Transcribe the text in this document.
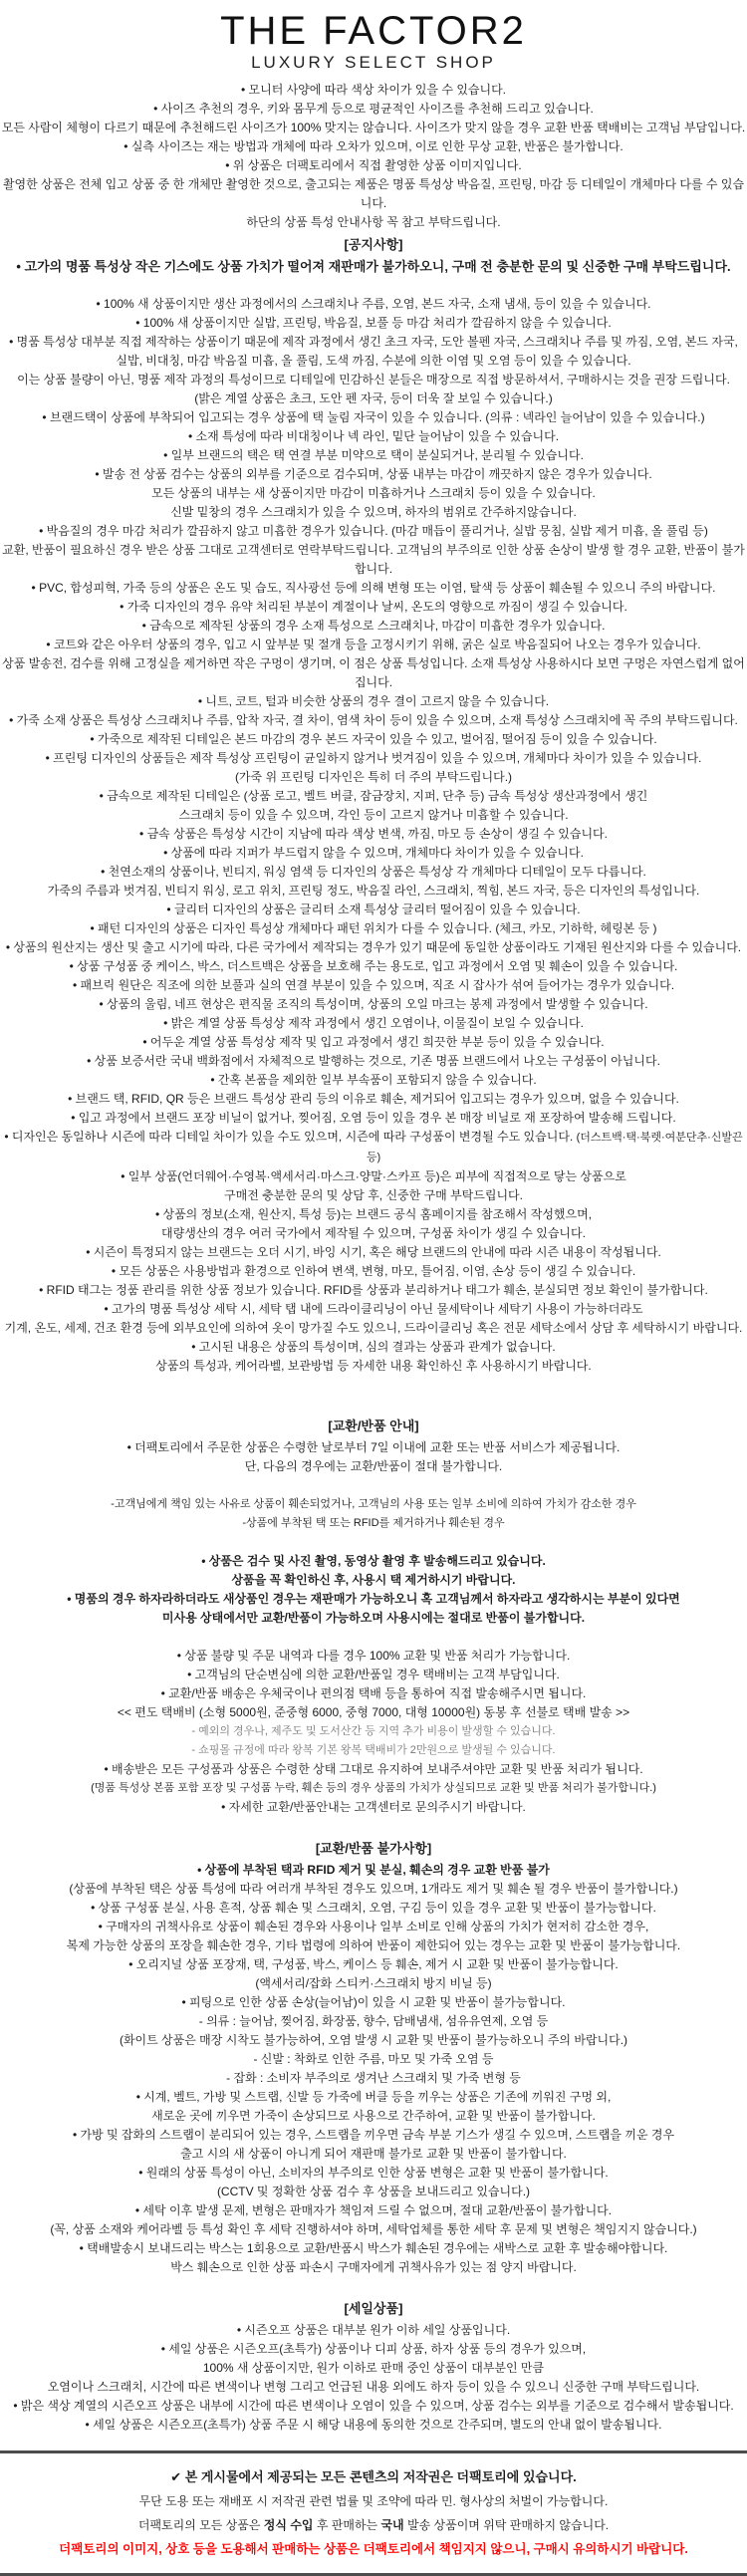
THE FACTOR2
LUXURY SELECT SHOP
• 모니터 사양에 따라 색상 차이가 있을 수 있습니다.
• 사이즈 추천의 경우, 키와 몸무게 등으로 평균적인 사이즈를 추천해 드리고 있습니다.
모든 사람이 체형이 다르기 때문에 추천해드린 사이즈가 100% 맞지는 않습니다. 사이즈가 맞지 않을 경우 교환 반품 택배비는 고객님 부담입니다.
• 실측 사이즈는 재는 방법과 개체에 따라 오차가 있으며, 이로 인한 무상 교환, 반품은 불가합니다.
• 위 상품은 더팩토리에서 직접 촬영한 상품 이미지입니다.
촬영한 상품은 전체 입고 상품 중 한 개체만 촬영한 것으로, 출고되는 제품은 명품 특성상 박음질, 프린팅, 마감 등 디테일이 개체마다 다를 수 있습니다.
하단의 상품 특성 안내사항 꼭 참고 부탁드립니다.
[공지사항]
• 고가의 명품 특성상 작은 기스에도 상품 가치가 떨어져 재판매가 불가하오니, 구매 전 충분한 문의 및 신중한 구매 부탁드립니다.
• 100% 새 상품이지만 생산 과정에서의 스크래치나 주름, 오염, 본드 자국, 소재 냄새, 등이 있을 수 있습니다.
• 100% 새 상품이지만 실밥, 프린팅, 박음질, 보풀 등 마감 처리가 깔끔하지 않을 수 있습니다.
• 명품 특성상 대부분 직접 제작하는 상품이기 때문에 제작 과정에서 생긴 초크 자국, 도안 볼펜 자국, 스크래치나 주름 및 까짐, 오염, 본드 자국,
실밥, 비대칭, 마감 박음질 미흡, 올 풀림, 도색 까짐, 수분에 의한 이염 및 오염 등이 있을 수 있습니다.
이는 상품 불량이 아닌, 명품 제작 과정의 특성이므로 디테일에 민감하신 분들은 매장으로 직접 방문하셔서, 구매하시는 것을 권장 드립니다.
(밝은 계열 상품은 초크, 도안 펜 자국, 등이 더욱 잘 보일 수 있습니다.)
• 브랜드택이 상품에 부착되어 입고되는 경우 상품에 택 눌림 자국이 있을 수 있습니다. (의류 : 넥라인 늘어남이 있을 수 있습니다.)
• 소재 특성에 따라 비대칭이나 넥 라인, 밑단 늘어남이 있을 수 있습니다.
• 일부 브랜드의 택은 택 연결 부분 미약으로 택이 분실되거나, 분리될 수 있습니다.
• 발송 전 상품 검수는 상품의 외부를 기준으로 검수되며, 상품 내부는 마감이 깨끗하지 않은 경우가 있습니다.
모든 상품의 내부는 새 상품이지만 마감이 미흡하거나 스크래치 등이 있을 수 있습니다.
신발 밑창의 경우 스크래치가 있을 수 있으며, 하자의 범위로 간주하지않습니다.
• 박음질의 경우 마감 처리가 깔끔하지 않고 미흡한 경우가 있습니다. (마감 매듭이 풀리거나, 실밥 뭉침, 실밥 제거 미흡, 올 풀림 등)
교환, 반품이 필요하신 경우 받은 상품 그대로 고객센터로 연락부탁드립니다. 고객님의 부주의로 인한 상품 손상이 발생 할 경우 교환, 반품이 불가합니다.
• PVC, 합성피혁, 가죽 등의 상품은 온도 및 습도, 직사광선 등에 의해 변형 또는 이염, 탈색 등 상품이 훼손될 수 있으니 주의 바랍니다.
• 가죽 디자인의 경우 유약 처리된 부분이 계절이나 날씨, 온도의 영향으로 까짐이 생길 수 있습니다.
• 금속으로 제작된 상품의 경우 소재 특성으로 스크래치나, 마감이 미흡한 경우가 있습니다.
• 코트와 같은 아우터 상품의 경우, 입고 시 앞부분 및 절개 등을 고정시키기 위해, 굵은 실로 박음질되어 나오는 경우가 있습니다.
상품 발송전, 검수를 위해 고정실을 제거하면 작은 구멍이 생기며, 이 점은 상품 특성입니다. 소재 특성상 사용하시다 보면 구멍은 자연스럽게 없어집니다.
• 니트, 코트, 털과 비슷한 상품의 경우 결이 고르지 않을 수 있습니다.
• 가죽 소재 상품은 특성상 스크래치나 주름, 압착 자국, 결 차이, 염색 차이 등이 있을 수 있으며, 소재 특성상 스크래치에 꼭 주의 부탁드립니다.
• 가죽으로 제작된 디테일은 본드 마감의 경우 본드 자국이 있을 수 있고, 벌어짐, 떨어짐 등이 있을 수 있습니다.
• 프린팅 디자인의 상품들은 제작 특성상 프린팅이 균일하지 않거나 벗겨짐이 있을 수 있으며, 개체마다 차이가 있을 수 있습니다.
(가죽 위 프린팅 디자인은 특히 더 주의 부탁드립니다.)
• 금속으로 제작된 디테일은 (상품 로고, 벨트 버클, 잠금장치, 지퍼, 단추 등) 금속 특성상 생산과정에서 생긴
스크래치 등이 있을 수 있으며, 각인 등이 고르지 않거나 미흡할 수 있습니다.
• 금속 상품은 특성상 시간이 지남에 따라 색상 변색, 까짐, 마모 등 손상이 생길 수 있습니다.
• 상품에 따라 지퍼가 부드럽지 않을 수 있으며, 개체마다 차이가 있을 수 있습니다.
• 천연소재의 상품이나, 빈티지, 워싱 염색 등 디자인의 상품은 특성상 각 개체마다 디테일이 모두 다릅니다.
가죽의 주름과 벗겨짐, 빈티지 워싱, 로고 위치, 프린팅 정도, 박음질 라인, 스크래치, 찍힘, 본드 자국, 등은 디자인의 특성입니다.
• 글리터 디자인의 상품은 글리터 소재 특성상 글리터 떨어짐이 있을 수 있습니다.
• 패턴 디자인의 상품은 디자인 특성상 개체마다 패턴 위치가 다를 수 있습니다. (체크, 카모, 기하학, 헤링본 등 )
• 상품의 원산지는 생산 및 출고 시기에 따라, 다른 국가에서 제작되는 경우가 있기 때문에 동일한 상품이라도 기재된 원산지와 다를 수 있습니다.
• 상품 구성품 중 케이스, 박스, 더스트백은 상품을 보호해 주는 용도로, 입고 과정에서 오염 및 훼손이 있을 수 있습니다.
• 패브릭 원단은 직조에 의한 보풀과 실의 연결 부분이 있을 수 있으며, 직조 시 잡사가 섞여 들어가는 경우가 있습니다.
• 상품의 울림, 네프 현상은 편직물 조직의 특성이며, 상품의 오일 마크는 봉제 과정에서 발생할 수 있습니다.
• 밝은 계열 상품 특성상 제작 과정에서 생긴 오염이나, 이물질이 보일 수 있습니다.
• 어두운 계열 상품 특성상 제작 및 입고 과정에서 생긴 희끗한 부분 등이 있을 수 있습니다.
• 상품 보증서란 국내 백화점에서 자체적으로 발행하는 것으로, 기존 명품 브랜드에서 나오는 구성품이 아닙니다.
• 간혹 본품을 제외한 일부 부속품이 포함되지 않을 수 있습니다.
• 브랜드 택, RFID, QR 등은 브랜드 특성상 관리 등의 이유로 훼손, 제거되어 입고되는 경우가 있으며, 없을 수 있습니다.
• 입고 과정에서 브랜드 포장 비닐이 없거나, 찢어짐, 오염 등이 있을 경우 본 매장 비닐로 재 포장하여 발송해 드립니다.
• 디자인은 동일하나 시즌에 따라 디테일 차이가 있을 수도 있으며, 시즌에 따라 구성품이 변경될 수도 있습니다. (더스트백·택·북렛·여분단추·신발끈 등)
• 일부 상품(언더웨어·수영복·액세서리·마스크·양말·스카프 등)은 피부에 직접적으로 닿는 상품으로
구매전 충분한 문의 및 상담 후, 신중한 구매 부탁드립니다.
• 상품의 정보(소재, 원산지, 특성 등)는 브랜드 공식 홈페이지를 참조해서 작성했으며,
대량생산의 경우 여러 국가에서 제작될 수 있으며, 구성품 차이가 생길 수 있습니다.
• 시즌이 특정되지 않는 브랜드는 오더 시기, 바잉 시기, 혹은 해당 브랜드의 안내에 따라 시즌 내용이 작성됩니다.
• 모든 상품은 사용방법과 환경으로 인하여 변색, 변형, 마모, 틀어짐, 이염, 손상 등이 생길 수 있습니다.
• RFID 태그는 정품 관리를 위한 상품 정보가 있습니다. RFID를 상품과 분리하거나 태그가 훼손, 분실되면 정보 확인이 불가합니다.
• 고가의 명품 특성상 세탁 시, 세탁 탭 내에 드라이클리닝이 아닌 물세탁이나 세탁기 사용이 가능하더라도
기계, 온도, 세제, 건조 환경 등에 외부요인에 의하여 옷이 망가질 수도 있으니, 드라이클리닝 혹은 전문 세탁소에서 상담 후 세탁하시기 바랍니다.
• 고시된 내용은 상품의 특성이며, 심의 결과는 상품과 관계가 없습니다.
상품의 특성과, 케어라벨, 보관방법 등 자세한 내용 확인하신 후 사용하시기 바랍니다.
[교환/반품 안내]
• 더팩토리에서 주문한 상품은 수령한 날로부터 7일 이내에 교환 또는 반품 서비스가 제공됩니다.
단, 다음의 경우에는 교환/반품이 절대 불가합니다.
-고객님에게 책임 있는 사유로 상품이 훼손되었거나, 고객님의 사용 또는 일부 소비에 의하여 가치가 감소한 경우
-상품에 부착된 택 또는 RFID를 제거하거나 훼손된 경우
• 상품은 검수 및 사진 촬영, 동영상 촬영 후 발송해드리고 있습니다.
상품을 꼭 확인하신 후, 사용시 택 제거하시기 바랍니다.
• 명품의 경우 하자라하더라도 새상품인 경우는 재판매가 가능하오니 혹 고객님께서 하자라고 생각하시는 부분이 있다면
미사용 상태에서만 교환/반품이 가능하오며 사용시에는 절대로 반품이 불가합니다.
• 상품 불량 및 주문 내역과 다를 경우 100% 교환 및 반품 처리가 가능합니다.
• 고객님의 단순변심에 의한 교환/반품일 경우 택배비는 고객 부담입니다.
• 교환/반품 배송은 우체국이나 편의점 택배 등을 통하여 직접 발송해주시면 됩니다.
<< 편도 택배비 (소형 5000원, 준중형 6000, 중형 7000, 대형 10000원) 동봉 후 선불로 택배 발송 >>
- 예외의 경우나, 제주도 및 도서산간 등 지역 추가 비용이 발생할 수 있습니다.
- 쇼핑몰 규정에 따라 왕복 기본 왕복 택배비가 2만원으로 발생될 수 있습니다.
• 배송받은 모든 구성품과 상품은 수령한 상태 그대로 유지하여 보내주셔야만 교환 및 반품 처리가 됩니다.
(명품 특성상 본품 포함 포장 및 구성품 누락, 훼손 등의 경우 상품의 가치가 상실되므로 교환 및 반품 처리가 불가합니다.)
• 자세한 교환/반품안내는 고객센터로 문의주시기 바랍니다.
[교환/반품 불가사항]
• 상품에 부착된 택과 RFID 제거 및 분실, 훼손의 경우 교환 반품 불가
(상품에 부착된 택은 상품 특성에 따라 여러개 부착된 경우도 있으며, 1개라도 제거 및 훼손 될 경우 반품이 불가합니다.)
• 상품 구성품 분실, 사용 흔적, 상품 훼손 및 스크래치, 오염, 구김 등이 있을 경우 교환 및 반품이 불가능합니다.
• 구매자의 귀책사유로 상품이 훼손된 경우와 사용이나 일부 소비로 인해 상품의 가치가 현저히 감소한 경우,
복제 가능한 상품의 포장을 훼손한 경우, 기타 법령에 의하여 반품이 제한되어 있는 경우는 교환 및 반품이 불가능합니다.
• 오리지널 상품 포장재, 택, 구성품, 박스, 케이스 등 훼손, 제거 시 교환 및 반품이 불가능합니다.
(액세서리/잡화 스티커·스크래치 방지 비닐 등)
• 피팅으로 인한 상품 손상(늘어남)이 있을 시 교환 및 반품이 불가능합니다.
- 의류 : 늘어남, 찢어짐, 화장품, 향수, 담배냄새, 섬유유연제, 오염 등
(화이트 상품은 매장 시착도 불가능하여, 오염 발생 시 교환 및 반품이 불가능하오니 주의 바랍니다.)
- 신발 : 착화로 인한 주름, 마모 및 가죽 오염 등
- 잡화 : 소비자 부주의로 생겨난 스크래치 및 가죽 변형 등
• 시계, 벨트, 가방 및 스트랩, 신발 등 가죽에 버클 등을 끼우는 상품은 기존에 끼워진 구멍 외,
새로운 곳에 끼우면 가죽이 손상되므로 사용으로 간주하여, 교환 및 반품이 불가합니다.
• 가방 및 잡화의 스트랩이 분리되어 있는 경우, 스트랩을 끼우면 금속 부분 기스가 생길 수 있으며, 스트랩을 끼운 경우
출고 시의 새 상품이 아니게 되어 재판매 불가로 교환 및 반품이 불가합니다.
• 원래의 상품 특성이 아닌, 소비자의 부주의로 인한 상품 변형은 교환 및 반품이 불가합니다.
(CCTV 및 정확한 상품 검수 후 상품을 보내드리고 있습니다.)
• 세탁 이후 발생 문제, 변형은 판매자가 책임져 드릴 수 없으며, 절대 교환/반품이 불가합니다.
(꼭, 상품 소재와 케어라벨 등 특성 확인 후 세탁 진행하셔야 하며, 세탁업체를 통한 세탁 후 문제 및 변형은 책임지지 않습니다.)
• 택배발송시 보내드리는 박스는 1회용으로 교환/반품시 박스가 훼손된 경우에는 새박스로 교환 후 발송해야합니다.
박스 훼손으로 인한 상품 파손시 구매자에게 귀책사유가 있는 점 양지 바랍니다.
[세일상품]
• 시즌오프 상품은 대부분 원가 이하 세일 상품입니다.
• 세일 상품은 시즌오프(초특가) 상품이나 디피 상품, 하자 상품 등의 경우가 있으며,
100% 새 상품이지만, 원가 이하로 판매 중인 상품이 대부분인 만큼
오염이나 스크래치, 시간에 따른 변색이나 변형 그리고 언급된 내용 외에도 하자 등이 있을 수 있으니 신중한 구매 부탁드립니다.
• 밝은 색상 계열의 시즌오프 상품은 내부에 시간에 따른 변색이나 오염이 있을 수 있으며, 상품 검수는 외부를 기준으로 검수해서 발송됩니다.
• 세일 상품은 시즌오프(초특가) 상품 주문 시 해당 내용에 동의한 것으로 간주되며, 별도의 안내 없이 발송됩니다.
✔ 본 게시물에서 제공되는 모든 콘텐츠의 저작권은 더팩토리에 있습니다.
무단 도용 또는 재배포 시 저작권 관련 법률 및 조약에 따라 민. 형사상의 처벌이 가능합니다.
더팩토리의 모든 상품은 정식 수입 후 판매하는 국내 발송 상품이며 위탁 판매하지 않습니다.
더팩토리의 이미지, 상호 등을 도용해서 판매하는 상품은 더팩토리에서 책임지지 않으니, 구매시 유의하시기 바랍니다.
